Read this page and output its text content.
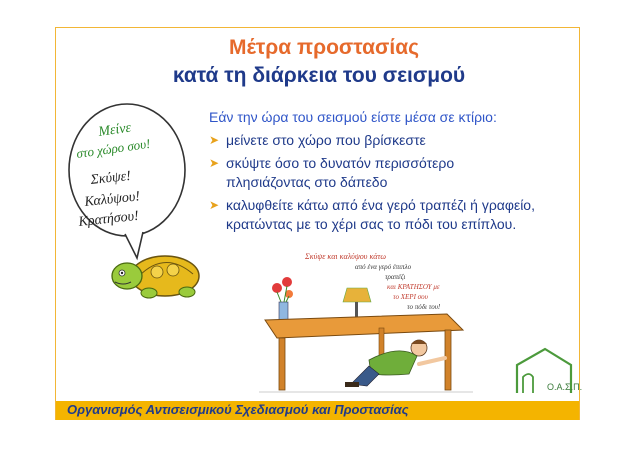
Μέτρα προστασίας
κατά τη διάρκεια του σεισμού
Μείνε
στο χώρο σου!
Σκύψε!
Καλύψου!
Κρατήσου!
Εάν την ώρα του σεισμού είστε μέσα σε κτίριο:
➤ μείνετε στο χώρο που βρίσκεστε
➤ σκύψτε όσο το δυνατόν περισσότερο
πλησιάζοντας στο δάπεδο
➤ καλυφθείτε κάτω από ένα γερό τραπέζι ή γραφείο,
κρατώντας με το χέρι σας το πόδι του επίπλου.
Σκύψε και καλύψου κάτω
από ένα γερό έπιπλο
τραπέζι
και ΚΡΑΤΗΣΟΥ με
το ΧΕΡΙ σου
το πόδι του!
Ο.Α.Σ.Π.
Οργανισμός Αντισεισμικού Σχεδιασμού και Προστασίας
